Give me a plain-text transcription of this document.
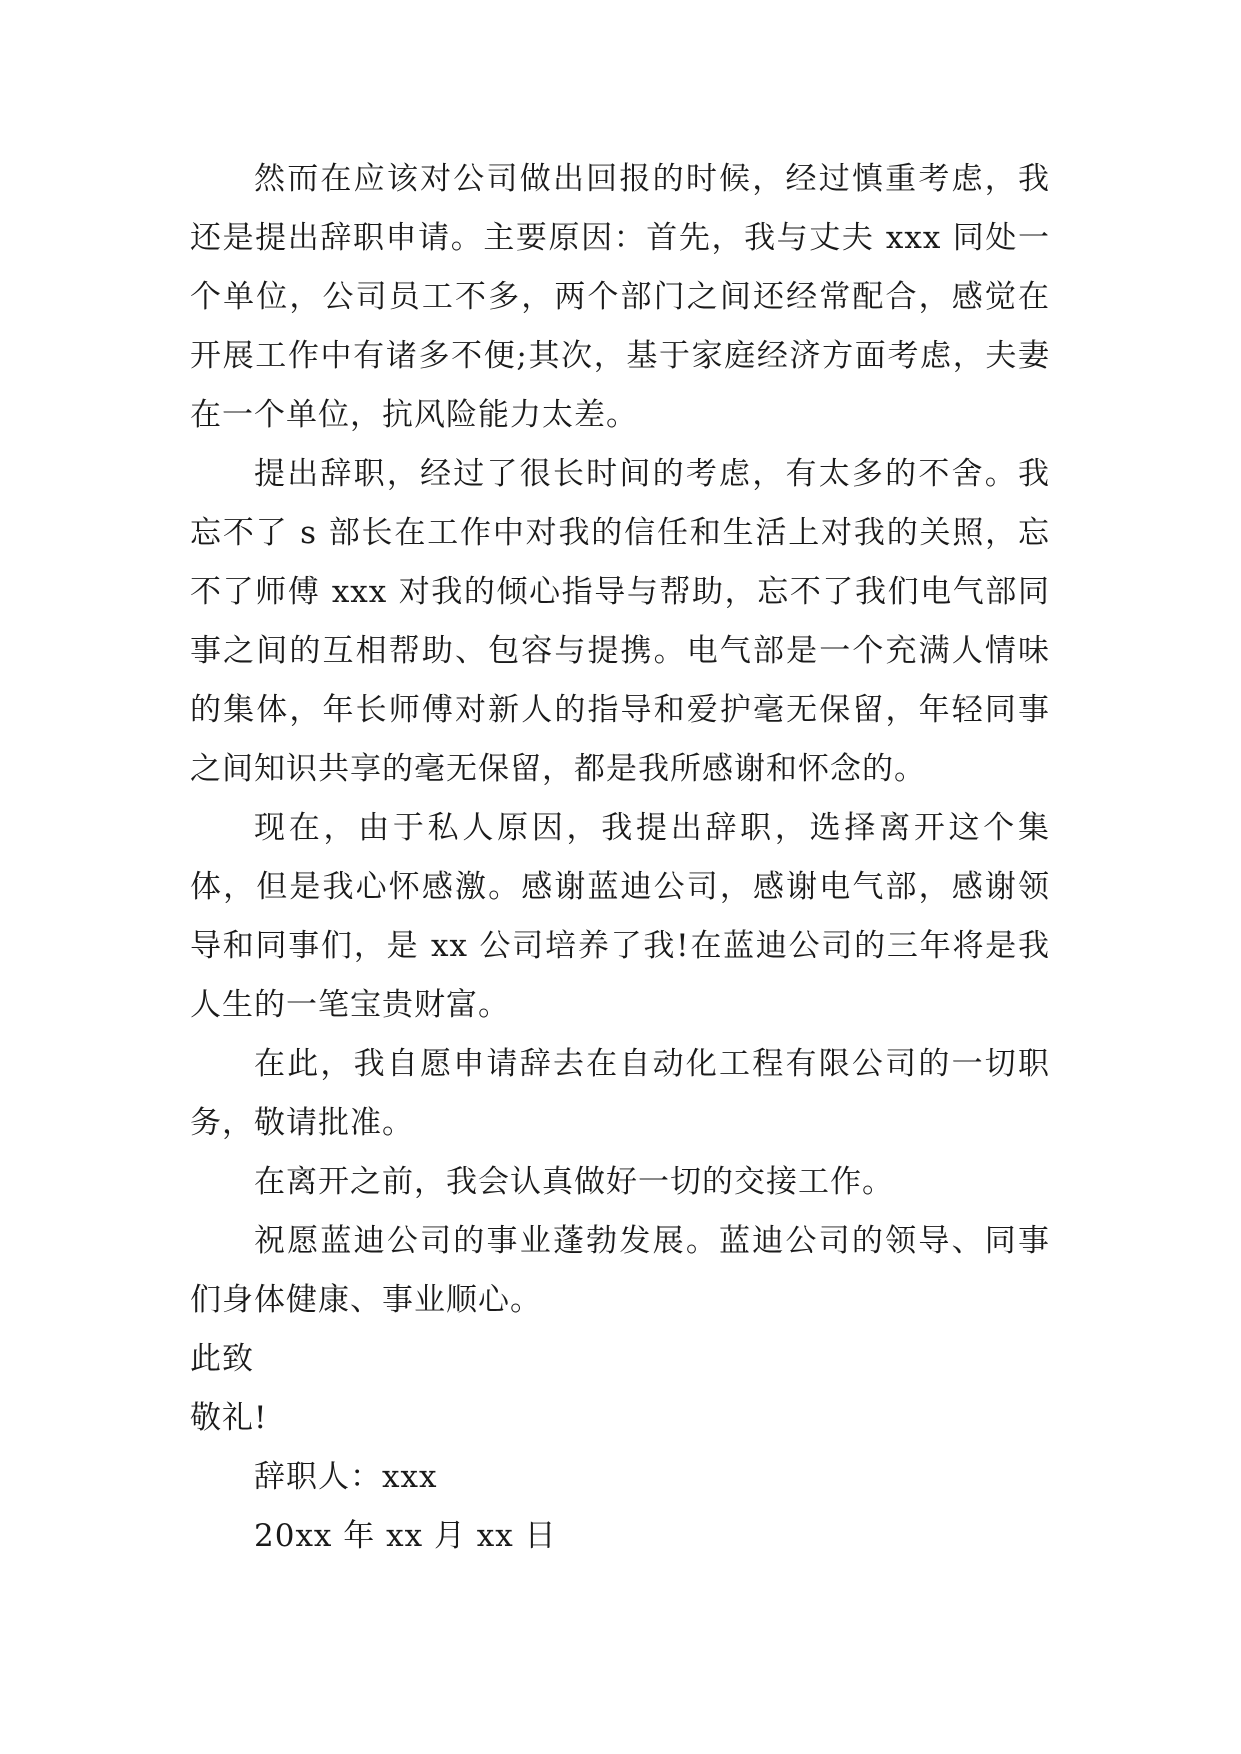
然而在应该对公司做出回报的时候，经过慎重考虑，我还是提出辞职申请。主要原因：首先，我与丈夫 xxx 同处一个单位，公司员工不多，两个部门之间还经常配合，感觉在开展工作中有诸多不便;其次，基于家庭经济方面考虑，夫妻在一个单位，抗风险能力太差。

提出辞职，经过了很长时间的考虑，有太多的不舍。我忘不了 s 部长在工作中对我的信任和生活上对我的关照，忘不了师傅 xxx 对我的倾心指导与帮助，忘不了我们电气部同事之间的互相帮助、包容与提携。电气部是一个充满人情味的集体，年长师傅对新人的指导和爱护毫无保留，年轻同事之间知识共享的毫无保留，都是我所感谢和怀念的。

现在，由于私人原因，我提出辞职，选择离开这个集体，但是我心怀感激。感谢蓝迪公司，感谢电气部，感谢领导和同事们，是 xx 公司培养了我!在蓝迪公司的三年将是我人生的一笔宝贵财富。

在此，我自愿申请辞去在自动化工程有限公司的一切职务，敬请批准。

在离开之前，我会认真做好一切的交接工作。

祝愿蓝迪公司的事业蓬勃发展。蓝迪公司的领导、同事们身体健康、事业顺心。

此致

敬礼!

辞职人：xxx

20xx 年 xx 月 xx 日
